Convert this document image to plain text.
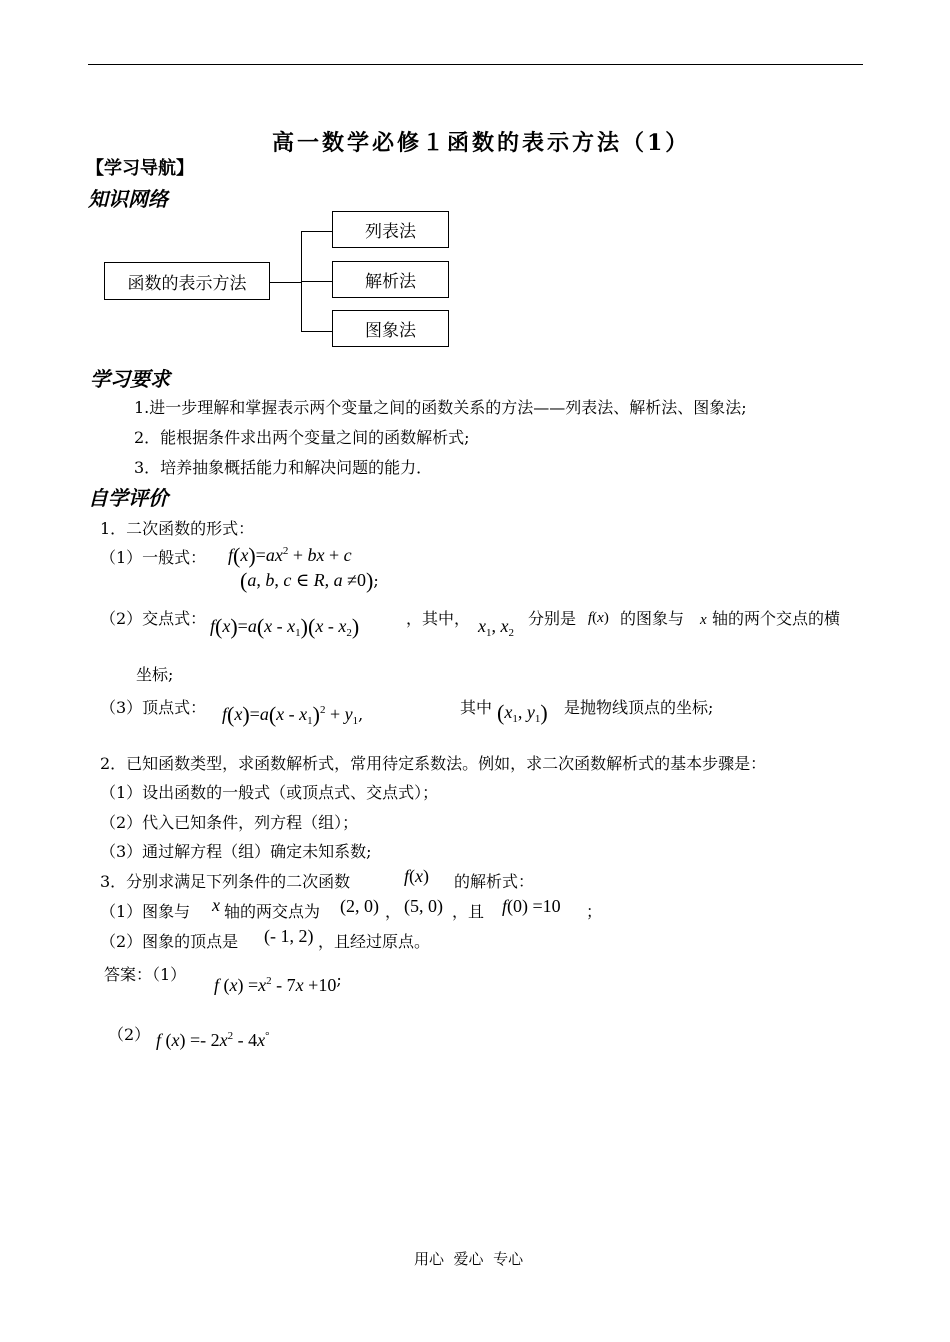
高一数学必修１函数的表示方法（1）
【学习导航】
知识网络
函数的表示方法
列表法
解析法
图象法
学习要求
1.进一步理解和掌握表示两个变量之间的函数关系的方法——列表法、解析法、图象法;
2．能根据条件求出两个变量之间的函数解析式;
3．培养抽象概括能力和解决问题的能力．
自学评价
1．二次函数的形式：
（1）一般式： $f(x)=ax^2$ + bx + c
(a, b, c ∈ R, a ≠0);
（2）交点式： $f(x)=a(x - x_1)(x - x_2)$	，其中， $x_1$, $x_2$
分别是 f(x) 的图象与 x 轴的两个交点的横
坐标;
（3）顶点式： $f(x)=a(x - x_1)^2 + y_1$,	其中 ($x_1$, $y_1$) 是抛物线顶点的坐标;
2．已知函数类型，求函数解析式，常用待定系数法。例如，求二次函数解析式的基本步骤是：
（1）设出函数的一般式（或顶点式、交点式）；
（2）代入已知条件，列方程（组）；
（3）通过解方程（组）确定未知系数;
3．分别求满足下列条件的二次函数	f(x) 的解析式：
（1）图象与 x 轴的两交点为 (2, 0) ， (5, 0) ，且 f(0) =10 ；
（2）图象的顶点是 (- 1, 2) ，且经过原点。
答案：（1）
f $(x) =x^2 - 7x +10$;
（2） f $(x) =- 2x^2 - 4x^\circ$
用心  爱心  专心
